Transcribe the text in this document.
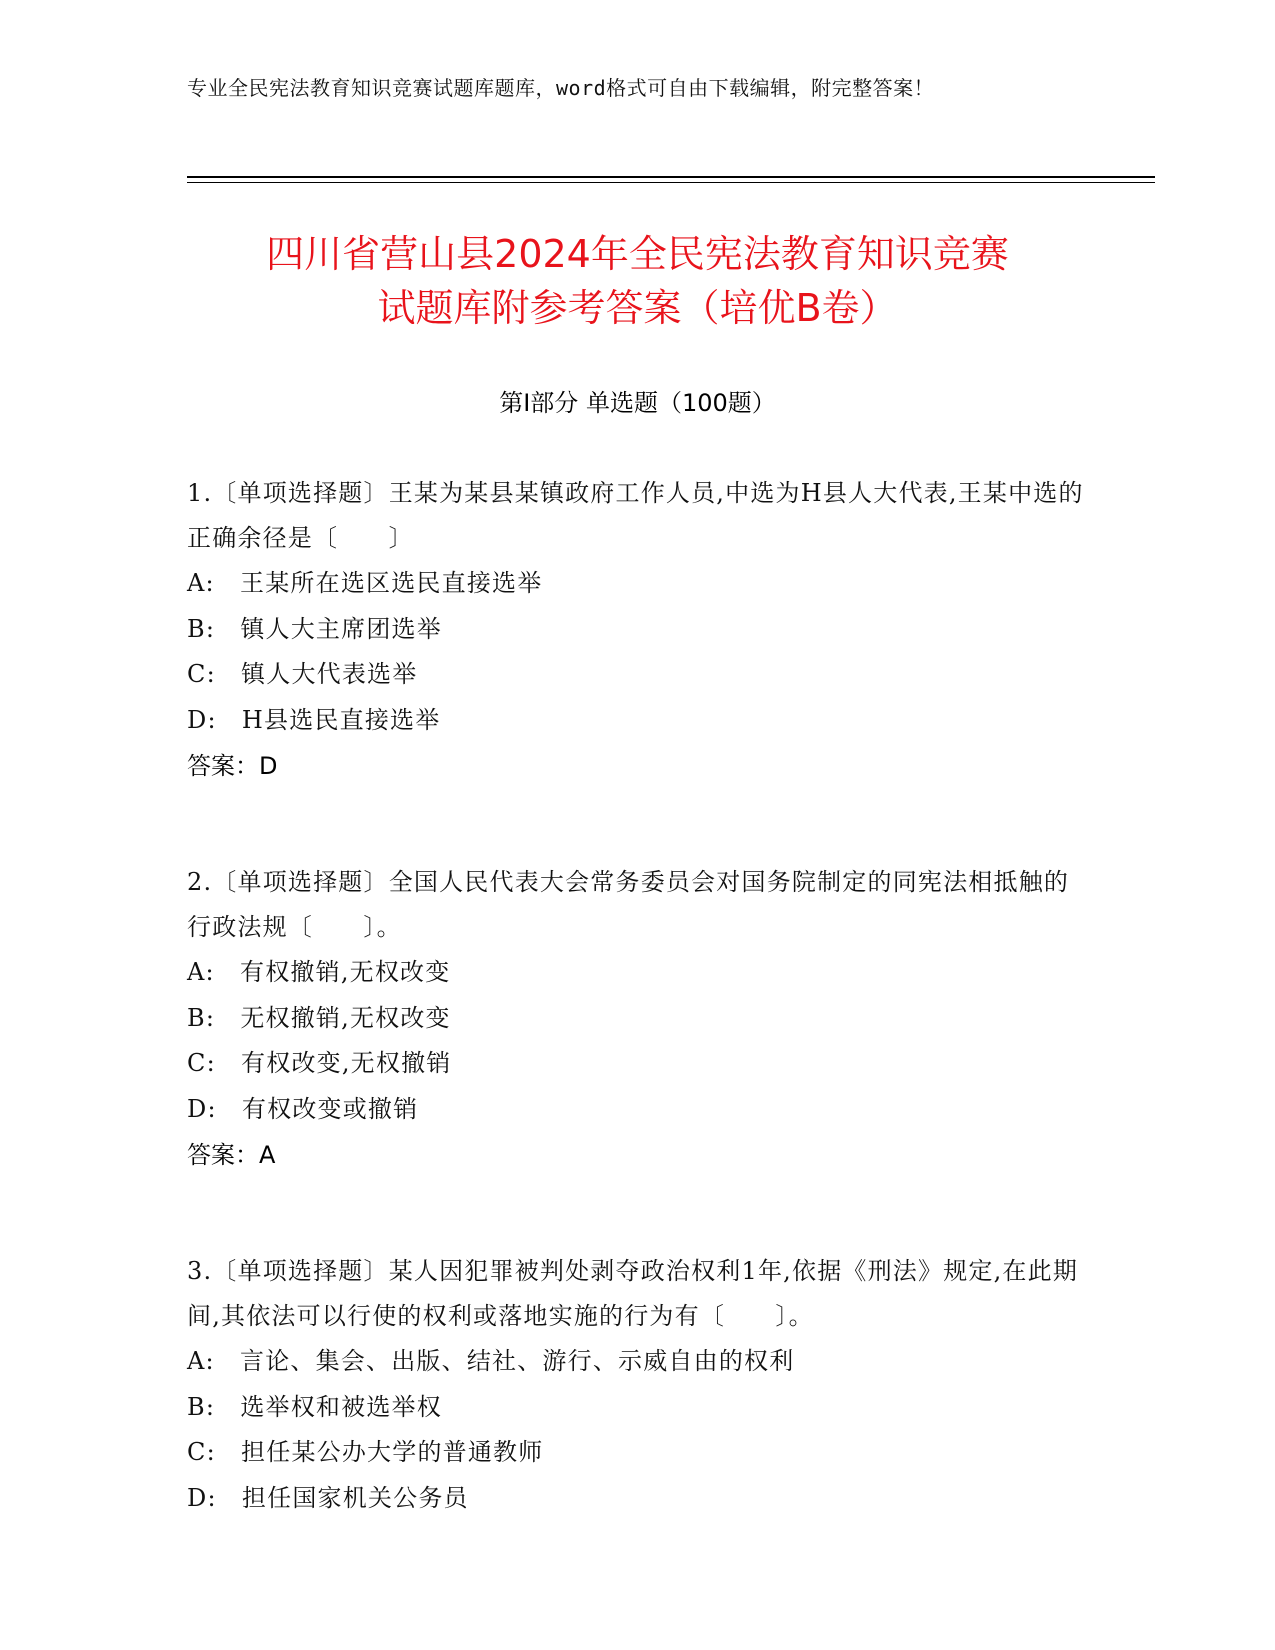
专业全民宪法教育知识竞赛试题库题库，word格式可自由下载编辑，附完整答案！
四川省营山县2024年全民宪法教育知识竞赛
试题库附参考答案（培优B卷）
第Ⅰ部分 单选题（100题）

1.〔单项选择题〕王某为某县某镇政府工作人员,中选为H县人大代表,王某中选的正确余径是〔　　〕

A:　王某所在选区选民直接选举

B:　镇人大主席团选举

C:　镇人大代表选举

D:　H县选民直接选举

答案：D

2.〔单项选择题〕全国人民代表大会常务委员会对国务院制定的同宪法相抵触的行政法规〔　　〕。

A:　有权撤销,无权改变

B:　无权撤销,无权改变

C:　有权改变,无权撤销

D:　有权改变或撤销

答案：A

3.〔单项选择题〕某人因犯罪被判处剥夺政治权利1年,依据《刑法》规定,在此期间,其依法可以行使的权利或落地实施的行为有〔　　〕。

A:　言论、集会、出版、结社、游行、示威自由的权利

B:　选举权和被选举权

C:　担任某公办大学的普通教师

D:　担任国家机关公务员
